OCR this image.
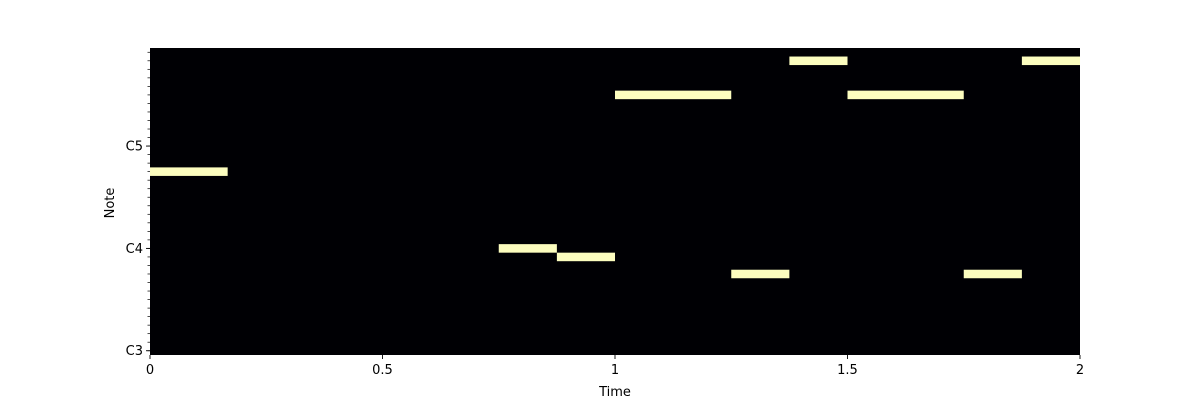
0	0.5	1	1.5	2
C3
C4
C5
Time
Note
